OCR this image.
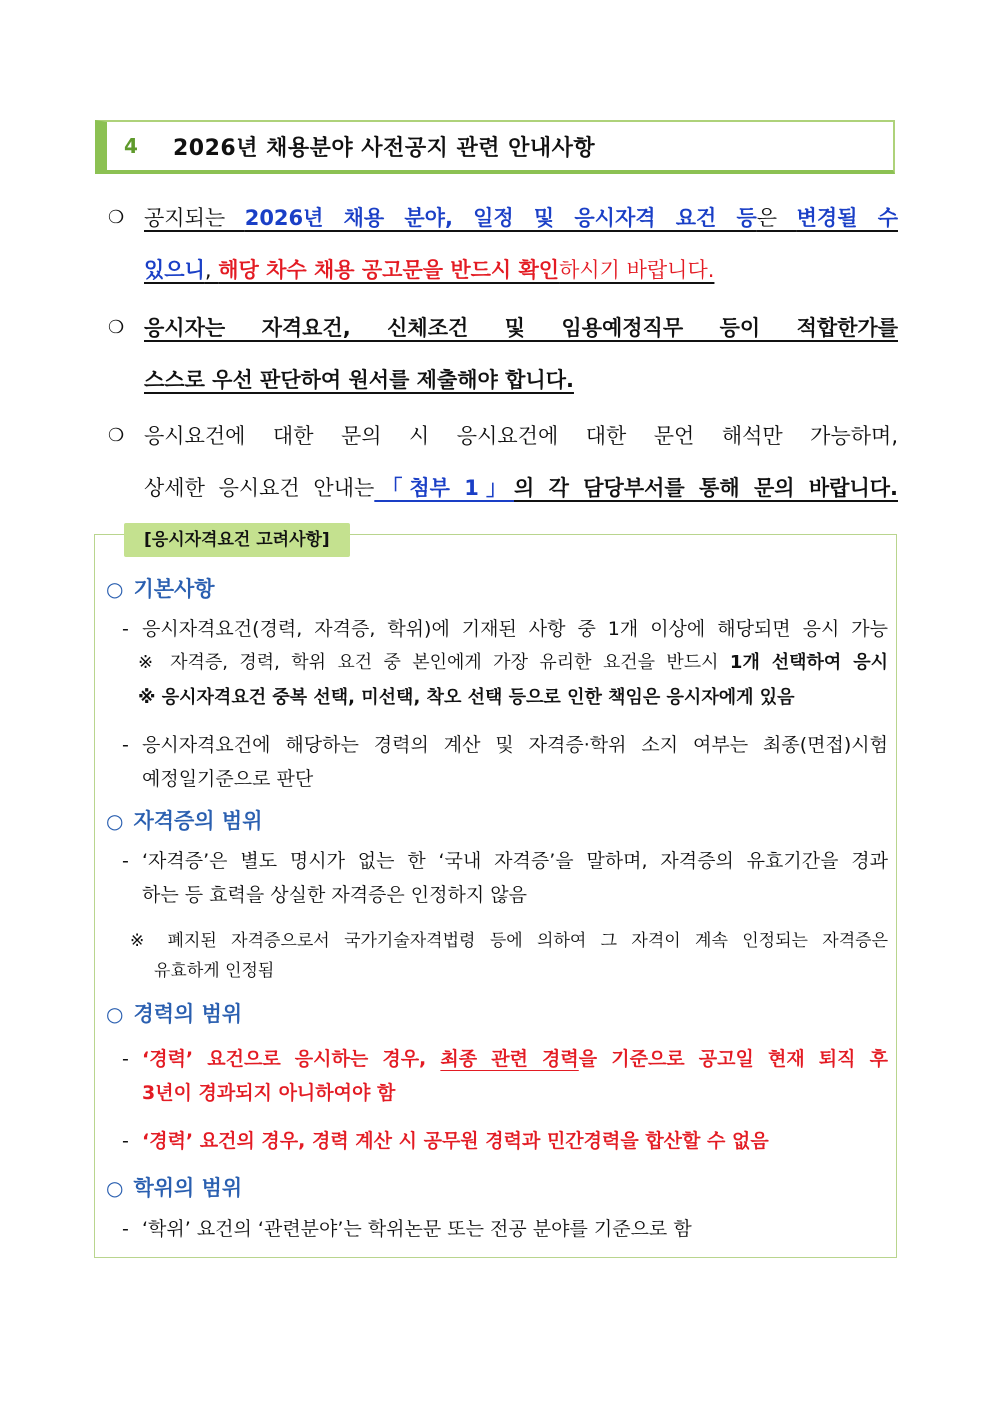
4	2026년 채용분야 사전공지 관련 안내사항
❍ 공지되는 2026년 채용 분야, 일정 및 응시자격 요건 등은 변경될 수
있으니, 해당 차수 채용 공고문을 반드시 확인하시기 바랍니다.
❍ 응시자는 자격요건, 신체조건 및 임용예정직무 등이 적합한가를
스스로 우선 판단하여 원서를 제출해야 합니다.
❍ 응시요건에 대한 문의 시 응시요건에 대한 문언 해석만 가능하며,
상세한 응시요건 안내는「첨부 1」의 각 담당부서를 통해 문의 바랍니다.
[응시자격요건 고려사항]
○ 기본사항
- 응시자격요건(경력, 자격증, 학위)에 기재된 사항 중 1개 이상에 해당되면 응시 가능
※ 자격증, 경력, 학위 요건 중 본인에게 가장 유리한 요건을 반드시 1개 선택하여 응시
※ 응시자격요건 중복 선택, 미선택, 착오 선택 등으로 인한 책임은 응시자에게 있음
- 응시자격요건에 해당하는 경력의 계산 및 자격증·학위 소지 여부는 최종(면접)시험
예정일기준으로 판단
○ 자격증의 범위
- ‘자격증’은 별도 명시가 없는 한 ‘국내 자격증’을 말하며, 자격증의 유효기간을 경과
하는 등 효력을 상실한 자격증은 인정하지 않음
※ 폐지된 자격증으로서 국가기술자격법령 등에 의하여 그 자격이 계속 인정되는 자격증은
유효하게 인정됨
○ 경력의 범위
- ‘경력’ 요건으로 응시하는 경우, 최종 관련 경력을 기준으로 공고일 현재 퇴직 후
3년이 경과되지 아니하여야 함
- ‘경력’ 요건의 경우, 경력 계산 시 공무원 경력과 민간경력을 합산할 수 없음
○ 학위의 범위
- ‘학위’ 요건의 ‘관련분야’는 학위논문 또는 전공 분야를 기준으로 함
